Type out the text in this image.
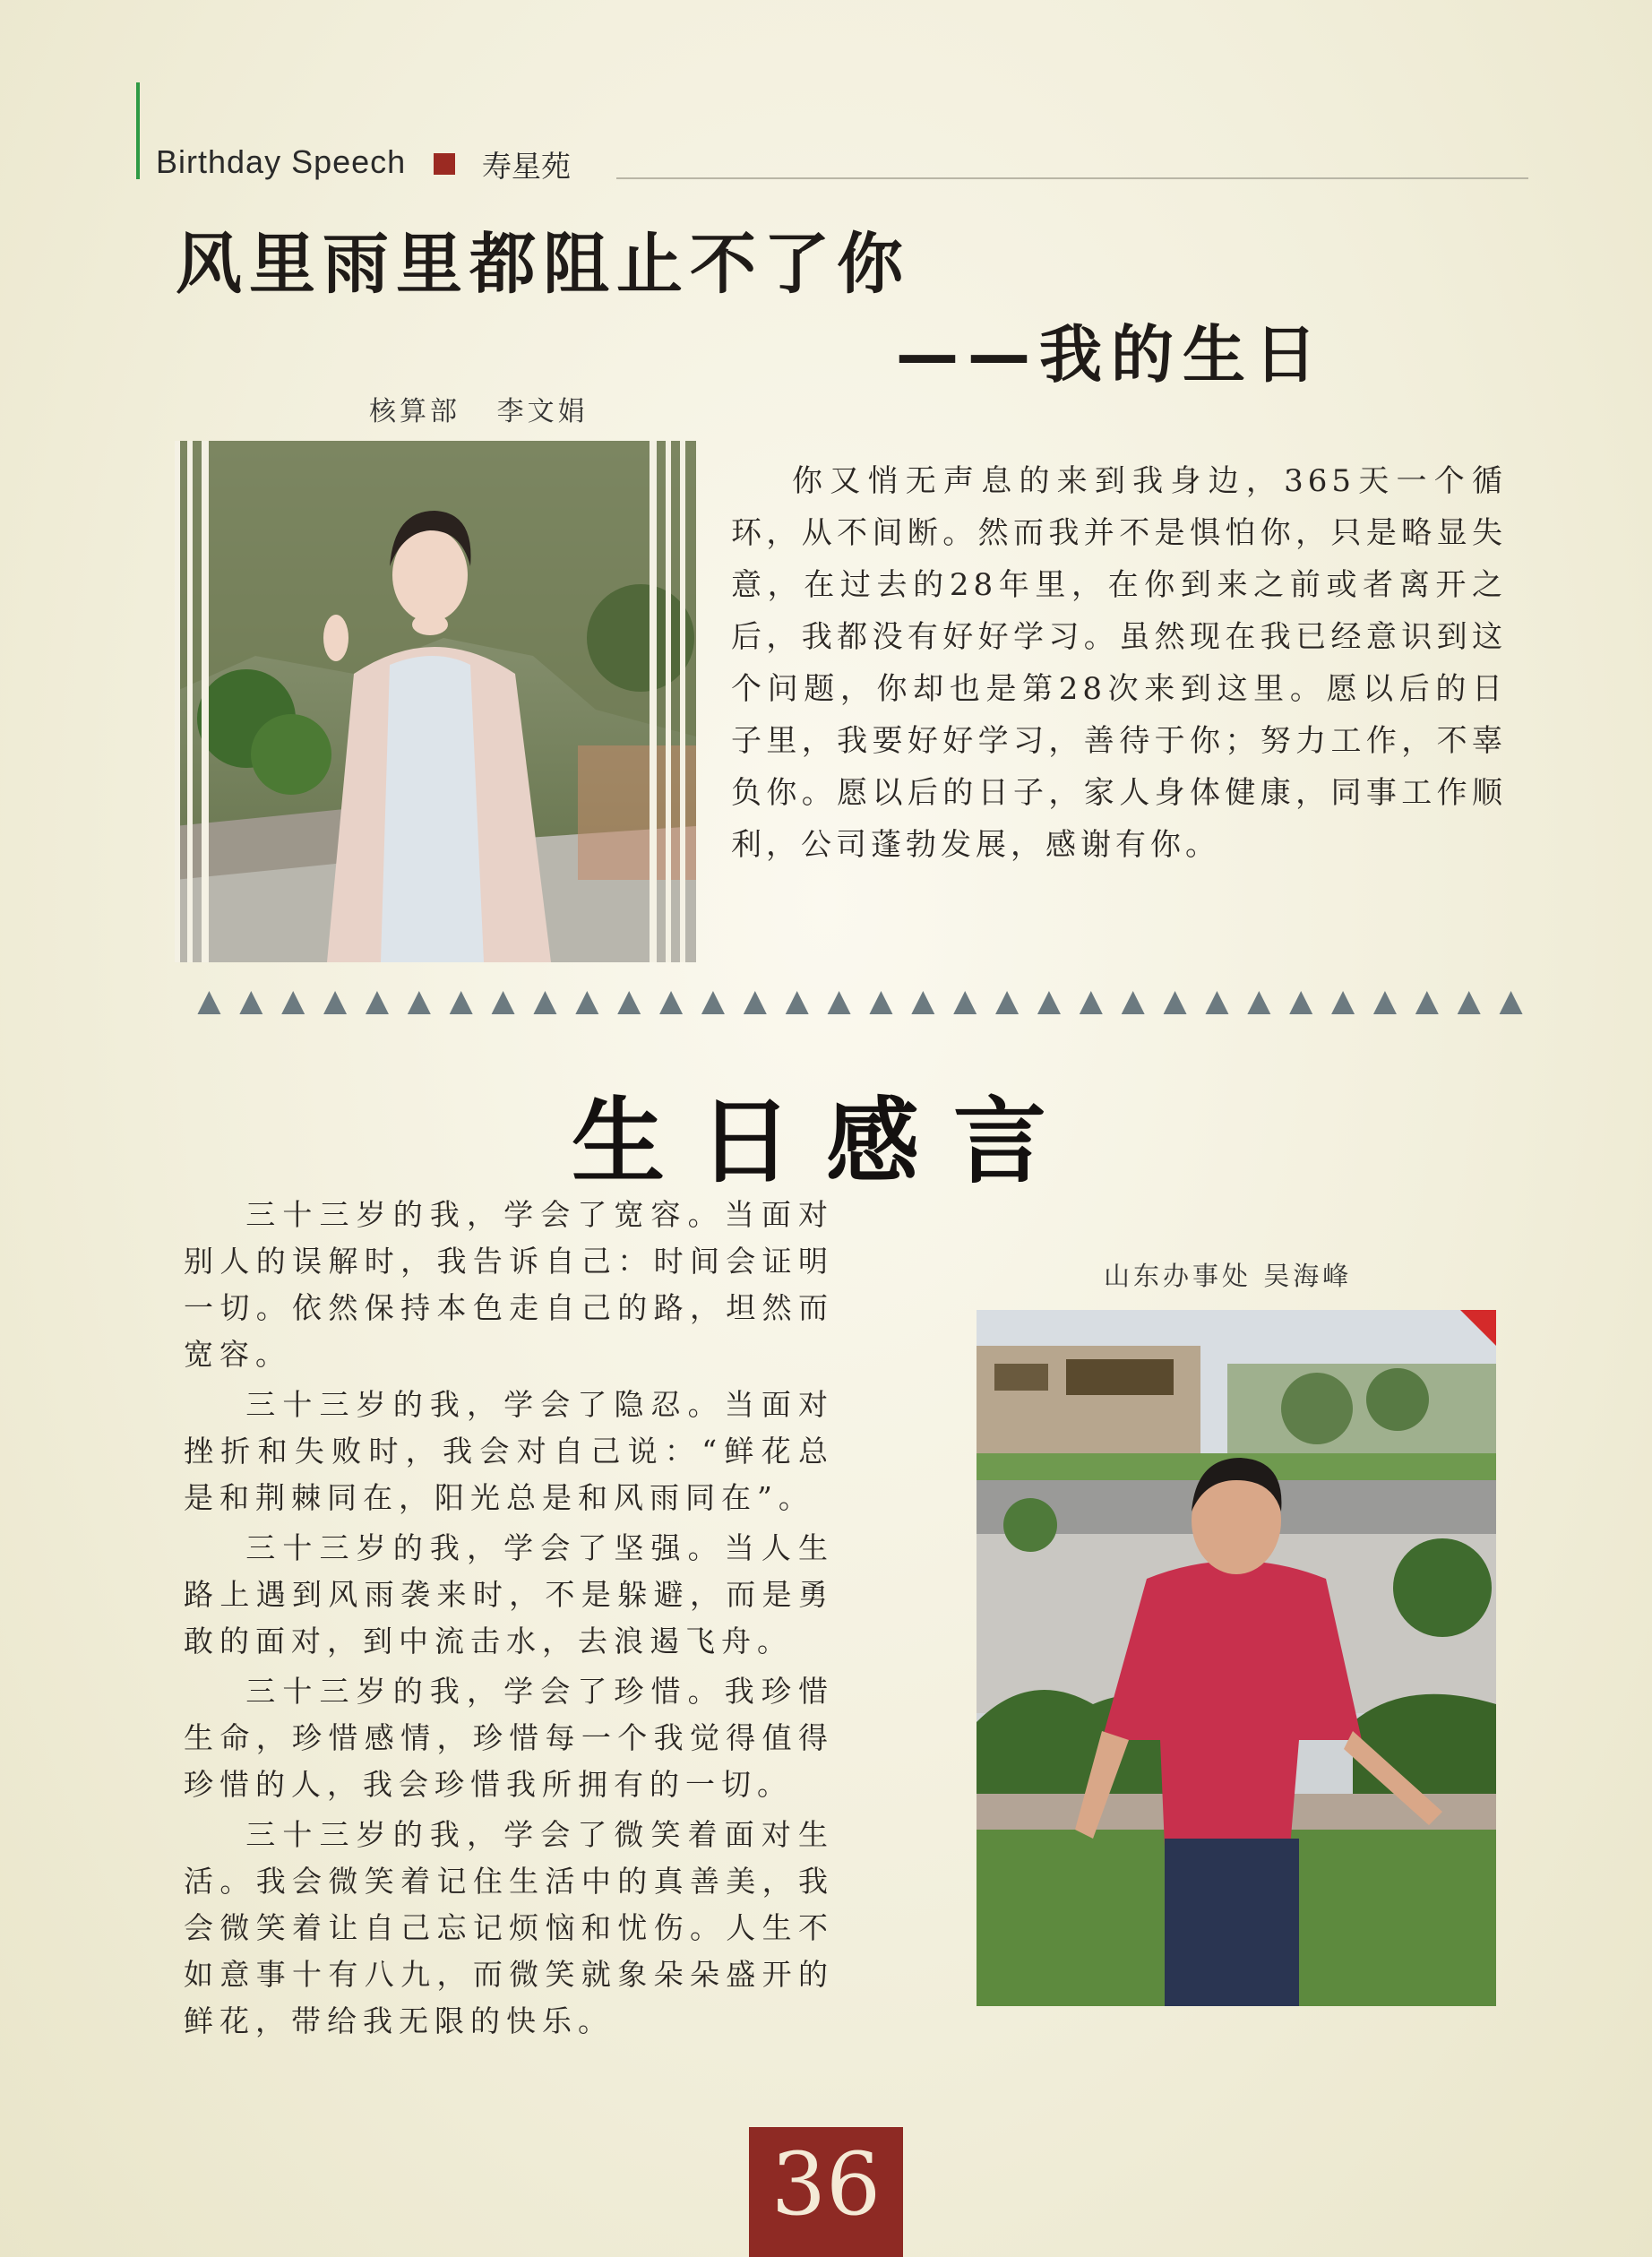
Birthday Speech	寿星苑
风里雨里都阻止不了你
——我的生日
核算部   李文娟
你又悄无声息的来到我身边，365天一个循环，从不间断。然而我并不是惧怕你，只是略显失意，在过去的28年里，在你到来之前或者离开之后，我都没有好好学习。虽然现在我已经意识到这个问题，你却也是第28次来到这里。愿以后的日子里，我要好好学习，善待于你；努力工作，不辜负你。愿以后的日子，家人身体健康，同事工作顺利，公司蓬勃发展，感谢有你。
生日感言

三十三岁的我，学会了宽容。当面对别人的误解时，我告诉自己：时间会证明一切。依然保持本色走自己的路，坦然而宽容。

三十三岁的我，学会了隐忍。当面对挫折和失败时，我会对自己说：“鲜花总是和荆棘同在，阳光总是和风雨同在”。

三十三岁的我，学会了坚强。当人生路上遇到风雨袭来时，不是躲避，而是勇敢的面对，到中流击水，去浪遏飞舟。

三十三岁的我，学会了珍惜。我珍惜生命，珍惜感情，珍惜每一个我觉得值得珍惜的人，我会珍惜我所拥有的一切。

三十三岁的我，学会了微笑着面对生活。我会微笑着记住生活中的真善美，我会微笑着让自己忘记烦恼和忧伤。人生不如意事十有八九，而微笑就象朵朵盛开的鲜花，带给我无限的快乐。

山东办事处 吴海峰
36
